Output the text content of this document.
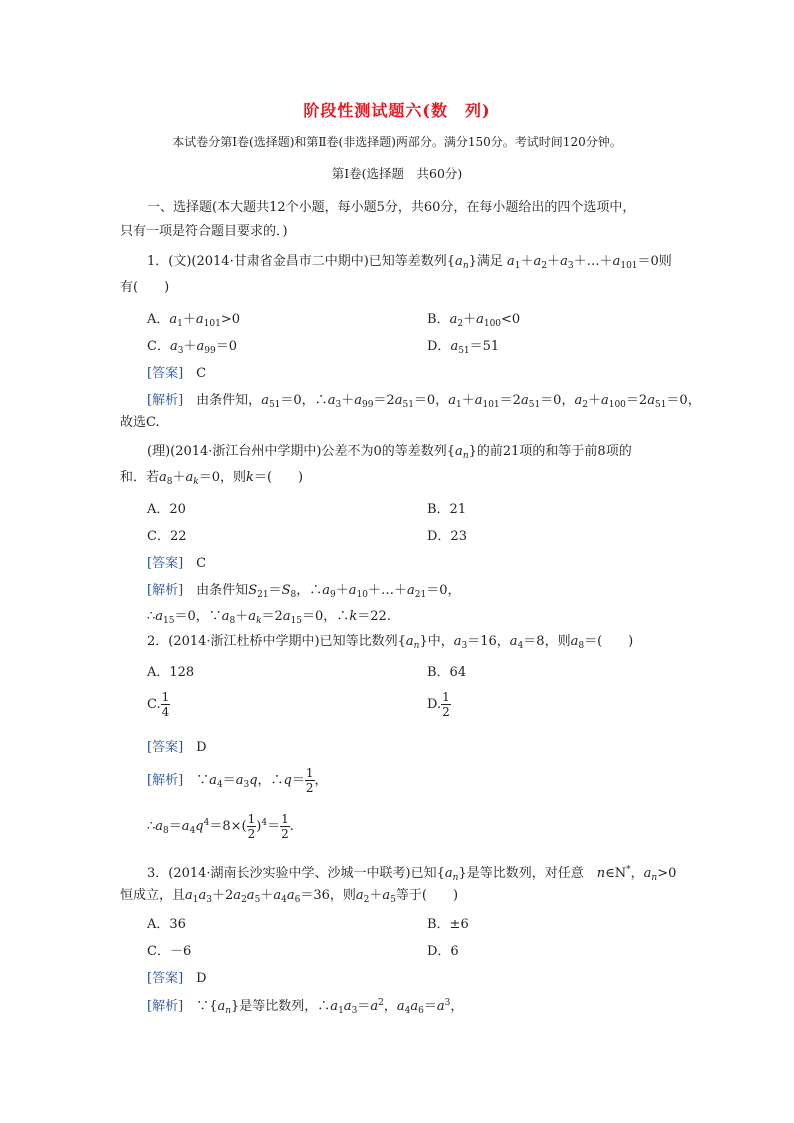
阶段性测试题六(数　列)
本试卷分第Ⅰ卷(选择题)和第Ⅱ卷(非选择题)两部分。满分150分。考试时间120分钟。
第Ⅰ卷(选择题　共60分)
一、选择题(本大题共12个小题，每小题5分，共60分，在每小题给出的四个选项中，
只有一项是符合题目要求的．)
1．(文)(2014·甘肃省金昌市二中期中)已知等差数列$\{a_n\}$满足 $a_1+a_2+a_3+\dots+a_{101}=0$则
有(　　)
A．$a_1+a_{101}>0$	B．$a_2+a_{100}<0$
C．$a_3+a_{99}=0$	D．$a_{51}=51$
[答案]　 C
[解析]　 由条件知，$a_{51}=0$，$\therefore a_3+a_{99}=2a_{51}=0$，$a_1+a_{101}=2a_{51}=0$，$a_2+a_{100}=2a_{51}=0$，
故选C.
(理)(2014·浙江台州中学期中)公差不为0的等差数列$\{a_n\}$的前21项的和等于前8项的
和．若$a_8+a_k=0$，则k＝(　　)
A．20	B．21
C．22	D．23
[答案]　 C
[解析]　 由条件知$S_{21}=S_8$，$\therefore a_9+a_{10}+\dots+a_{21}=0$，
$\therefore a_{15}=0$，$\because a_8+a_k=2a_{15}=0$，∴k＝22.
2．(2014·浙江杜桥中学期中)已知等比数列$\{a_n\}$中，$a_3=16$，$a_4=8$，则$a_8=$(　　)
A．128	B．64
C. $\frac{1}{4}$	D. $\frac{1}{2}$
[答案]　 D
[解析]　$\because a_4=a_3q$，∴q＝ $\frac{1}{2}$ ，
$\therefore a_8=a_4q^4=8\times( \frac{1}{2} )^4= \frac{1}{2}$ .
3．(2014·湖南长沙实验中学、沙城一中联考)已知$\{a_n\}$是等比数列，对任意　 n∈N*，$a_n>0$
恒成立，且$a_1a_3+2a_2a_5+a_4a_6=36$，则$a_2+a_5$等于(　　)
A．36	B．±6
C．－6	D．6
[答案]　 D
[解析]　 $\because\{a_n\}$是等比数列，$\therefore a_1a_3=a^2$，$a_4a_6=a^3$，
